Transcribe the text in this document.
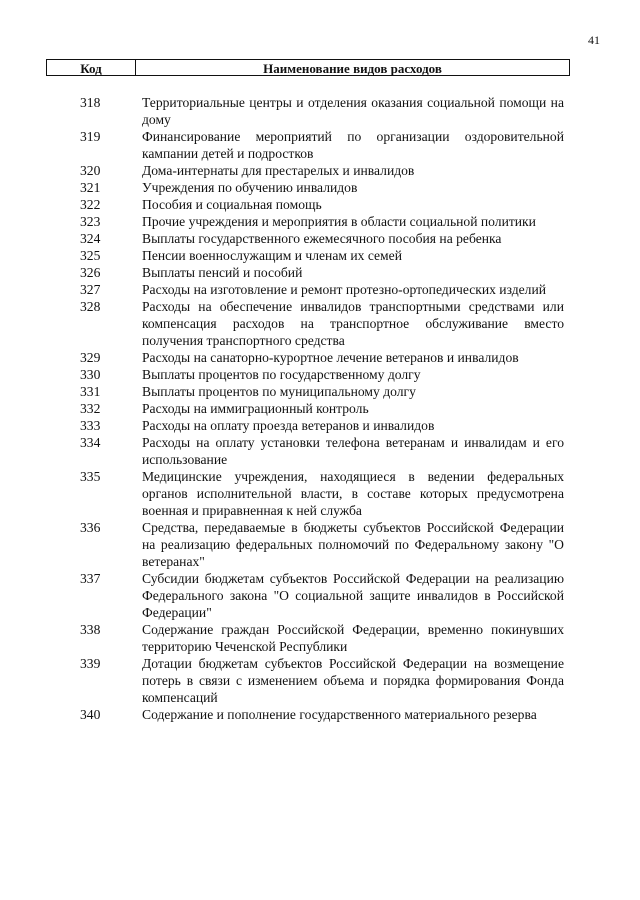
41
Код	Наименование видов расходов
318	Территориальные центры и отделения оказания социальной помощи на дому
319	Финансирование мероприятий по организации оздоровительной кампании детей и подростков
320	Дома-интернаты для престарелых и инвалидов
321	Учреждения по обучению инвалидов
322	Пособия и социальная помощь
323	Прочие учреждения и мероприятия в области социальной политики
324	Выплаты государственного ежемесячного пособия на ребенка
325	Пенсии военнослужащим и членам их семей
326	Выплаты пенсий и пособий
327	Расходы на изготовление и ремонт протезно-ортопедических изделий
328	Расходы на обеспечение инвалидов транспортными средствами или компенсация расходов на транспортное обслуживание вместо получения транспортного средства
329	Расходы на санаторно-курортное лечение ветеранов и инвалидов
330	Выплаты процентов по государственному долгу
331	Выплаты процентов по муниципальному долгу
332	Расходы на иммиграционный контроль
333	Расходы на оплату проезда ветеранов и инвалидов
334	Расходы на оплату установки телефона ветеранам и инвалидам и его использование
335	Медицинские учреждения, находящиеся в ведении федеральных органов исполнительной власти, в составе которых предусмотрена военная и приравненная к ней служба
336	Средства, передаваемые в бюджеты субъектов Российской Федерации на реализацию федеральных полномочий по Федеральному закону "О ветеранах"
337	Субсидии бюджетам субъектов Российской Федерации на реализацию Федерального закона "О социальной защите инвалидов в Российской Федерации"
338	Содержание граждан Российской Федерации, временно покинувших территорию Чеченской Республики
339	Дотации бюджетам субъектов Российской Федерации на возмещение потерь в связи с изменением объема и порядка формирования Фонда компенсаций
340	Содержание и пополнение государственного материального резерва
